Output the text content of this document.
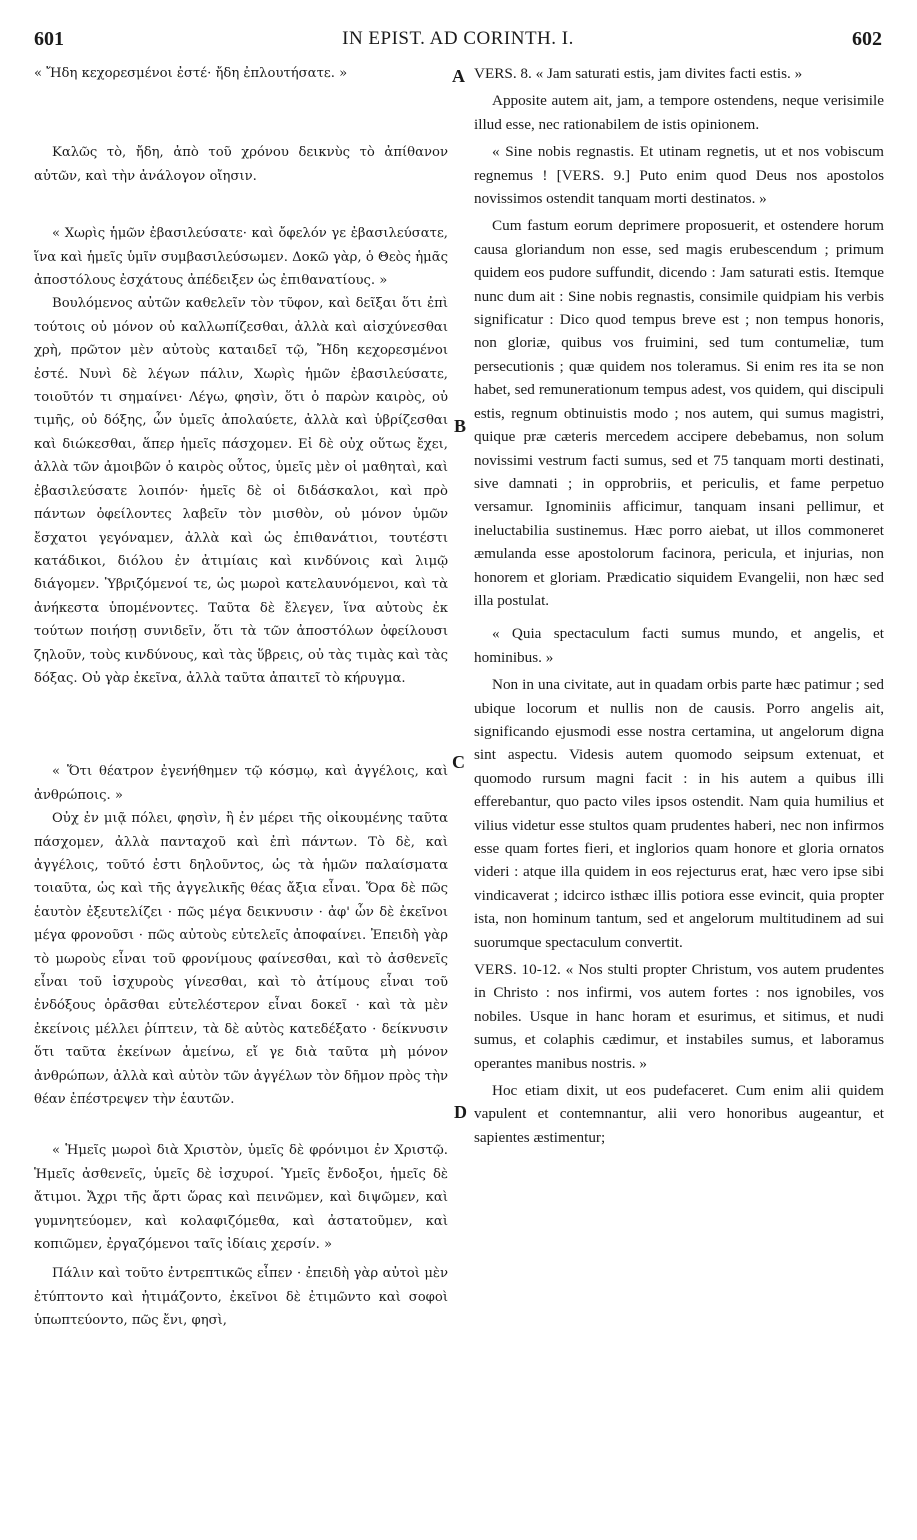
601	IN EPIST. AD CORINTH. I.	602

« Ἤδη κεχορεσμένοι ἐστέ· ἤδη ἐπλουτήσατε. »

Καλῶς τὸ, ἤδη, ἀπὸ τοῦ χρόνου δεικνὺς τὸ ἀπίθανον αὐτῶν, καὶ τὴν ἀνάλογον οἴησιν.

« Χωρὶς ἡμῶν ἐβασιλεύσατε· καὶ ὄφελόν γε ἐβασιλεύσατε, ἵνα καὶ ἡμεῖς ὑμῖν συμβασιλεύσωμεν. Δοκῶ γὰρ, ὁ Θεὸς ἡμᾶς ἀποστόλους ἐσχάτους ἀπέδειξεν ὡς ἐπιθανατίους. »

Βουλόμενος αὐτῶν καθελεῖν τὸν τῦφον, καὶ δεῖξαι ὅτι ἐπὶ τούτοις οὐ μόνον οὐ καλλωπίζεσθαι, ἀλλὰ καὶ αἰσχύνεσθαι χρὴ, πρῶτον μὲν αὐτοὺς καταιδεῖ τῷ, Ἤδη κεχορεσμένοι ἐστέ. Νυνὶ δὲ λέγων πάλιν, Χωρὶς ἡμῶν ἐβασιλεύσατε, τοιοῦτόν τι σημαίνει· Λέγω, φησὶν, ὅτι ὁ παρὼν καιρὸς, οὐ τιμῆς, οὐ δόξης, ὧν ὑμεῖς ἀπολαύετε, ἀλλὰ καὶ ὑβρίζεσθαι καὶ διώκεσθαι, ἅπερ ἡμεῖς πάσχομεν. Εἰ δὲ οὐχ οὕτως ἔχει, ἀλλὰ τῶν ἀμοιβῶν ὁ καιρὸς οὗτος, ὑμεῖς μὲν οἱ μαθηταὶ, καὶ ἐβασιλεύσατε λοιπόν· ἡμεῖς δὲ οἱ διδάσκαλοι, καὶ πρὸ πάντων ὀφείλοντες λαβεῖν τὸν μισθὸν, οὐ μόνον ὑμῶν ἔσχατοι γεγόναμεν, ἀλλὰ καὶ ὡς ἐπιθανάτιοι, τουτέστι κατάδικοι, διόλου ἐν ἀτιμίαις καὶ κινδύνοις καὶ λιμῷ διάγομεν. Ὑβριζόμενοί τε, ὡς μωροὶ κατελαυνόμενοι, καὶ τὰ ἀνήκεστα ὑπομένοντες. Ταῦτα δὲ ἔλεγεν, ἵνα αὐτοὺς ἐκ τούτων ποιήσῃ συνιδεῖν, ὅτι τὰ τῶν ἀποστόλων ὀφείλουσι ζηλοῦν, τοὺς κινδύνους, καὶ τὰς ὕβρεις, οὐ τὰς τιμὰς καὶ τὰς δόξας. Οὐ γὰρ ἐκεῖνα, ἀλλὰ ταῦτα ἀπαιτεῖ τὸ κήρυγμα.

« Ὅτι θέατρον ἐγενήθημεν τῷ κόσμῳ, καὶ ἀγγέλοις, καὶ ἀνθρώποις. »

Οὐχ ἐν μιᾷ πόλει, φησὶν, ἢ ἐν μέρει τῆς οἰκουμένης ταῦτα πάσχομεν, ἀλλὰ πανταχοῦ καὶ ἐπὶ πάντων. Τὸ δὲ, καὶ ἀγγέλοις, τοῦτό ἐστι δηλοῦντος, ὡς τὰ ἡμῶν παλαίσματα τοιαῦτα, ὡς καὶ τῆς ἀγγελικῆς θέας ἄξια εἶναι. Ὅρα δὲ πῶς ἑαυτὸν ἐξευτελίζει · πῶς μέγα δεικνυσιν · ἀφ' ὧν δὲ ἐκεῖνοι μέγα φρονοῦσι · πῶς αὐτοὺς εὐτελεῖς ἀποφαίνει. Ἐπειδὴ γὰρ τὸ μωροὺς εἶναι τοῦ φρονίμους φαίνεσθαι, καὶ τὸ ἀσθενεῖς εἶναι τοῦ ἰσχυροὺς γίνεσθαι, καὶ τὸ ἀτίμους εἶναι τοῦ ἐνδόξους ὁρᾶσθαι εὐτελέστερον εἶναι δοκεῖ · καὶ τὰ μὲν ἐκείνοις μέλλει ῥίπτειν, τὰ δὲ αὐτὸς κατεδέξατο · δείκνυσιν ὅτι ταῦτα ἐκείνων ἀμείνω, εἴ γε διὰ ταῦτα μὴ μόνον ἀνθρώπων, ἀλλὰ καὶ αὐτὸν τῶν ἀγγέλων τὸν δῆμον πρὸς τὴν θέαν ἐπέστρεψεν τὴν ἑαυτῶν.

« Ἡμεῖς μωροὶ διὰ Χριστὸν, ὑμεῖς δὲ φρόνιμοι ἐν Χριστῷ. Ἡμεῖς ἀσθενεῖς, ὑμεῖς δὲ ἰσχυροί. Ὑμεῖς ἔνδοξοι, ἡμεῖς δὲ ἄτιμοι. Ἄχρι τῆς ἄρτι ὥρας καὶ πεινῶμεν, καὶ διψῶμεν, καὶ γυμνητεύομεν, καὶ κολαφιζόμεθα, καὶ ἀστατοῦμεν, καὶ κοπιῶμεν, ἐργαζόμενοι ταῖς ἰδίαις χερσίν. »

Πάλιν καὶ τοῦτο ἐντρεπτικῶς εἶπεν · ἐπειδὴ γὰρ αὐτοὶ μὲν ἐτύπτοντο καὶ ἠτιμάζοντο, ἐκεῖνοι δὲ ἐτιμῶντο καὶ σοφοὶ ὑπωπτεύοντο, πῶς ἔνι, φησὶ,

A
B
C
D

VERS. 8. « Jam saturati estis, jam divites facti estis. »

Apposite autem ait, jam, a tempore ostendens, neque verisimile illud esse, nec rationabilem de istis opinionem.

« Sine nobis regnastis. Et utinam regnetis, ut et nos vobiscum regnemus ! [VERS. 9.] Puto enim quod Deus nos apostolos novissimos ostendit tanquam morti destinatos. »

Cum fastum eorum deprimere proposuerit, et ostendere horum causa gloriandum non esse, sed magis erubescendum ; primum quidem eos pudore suffundit, dicendo : Jam saturati estis. Itemque nunc dum ait : Sine nobis regnastis, consimile quidpiam his verbis significatur : Dico quod tempus breve est ; non tempus honoris, non gloriæ, quibus vos fruimini, sed tum contumeliæ, tum persecutionis ; quæ quidem nos toleramus. Si enim res ita se non habet, sed remunerationum tempus adest, vos quidem, qui discipuli estis, regnum obtinuistis modo ; nos autem, qui sumus magistri, quique præ cæteris mercedem accipere debebamus, non solum novissimi vestrum facti sumus, sed et 75 tanquam morti destinati, sive damnati ; in opprobriis, et periculis, et fame perpetuo versamur. Ignominiis afficimur, tanquam insani pellimur, et ineluctabilia sustinemus. Hæc porro aiebat, ut illos commoneret æmulanda esse apostolorum facinora, pericula, et injurias, non honorem et gloriam. Prædicatio siquidem Evangelii, non hæc sed illa postulat.

« Quia spectaculum facti sumus mundo, et angelis, et hominibus. »

Non in una civitate, aut in quadam orbis parte hæc patimur ; sed ubique locorum et nullis non de causis. Porro angelis ait, significando ejusmodi esse nostra certamina, ut angelorum digna sint aspectu. Videsis autem quomodo seipsum extenuat, et quomodo rursum magni facit : in his autem a quibus illi efferebantur, quo pacto viles ipsos ostendit. Nam quia humilius et vilius videtur esse stultos quam prudentes haberi, nec non infirmos esse quam fortes fieri, et inglorios quam honore et gloria ornatos videri : atque illa quidem in eos rejecturus erat, hæc vero ipse sibi vindicaverat ; idcirco isthæc illis potiora esse evincit, quia propter ista, non hominum tantum, sed et angelorum multitudinem ad sui suorumque spectaculum convertit.

VERS. 10-12. « Nos stulti propter Christum, vos autem prudentes in Christo : nos infirmi, vos autem fortes : nos ignobiles, vos nobiles. Usque in hanc horam et esurimus, et sitimus, et nudi sumus, et colaphis cædimur, et instabiles sumus, et laboramus operantes manibus nostris. »

Hoc etiam dixit, ut eos pudefaceret. Cum enim alii quidem vapulent et contemnantur, alii vero honoribus augeantur, et sapientes æstimentur;
